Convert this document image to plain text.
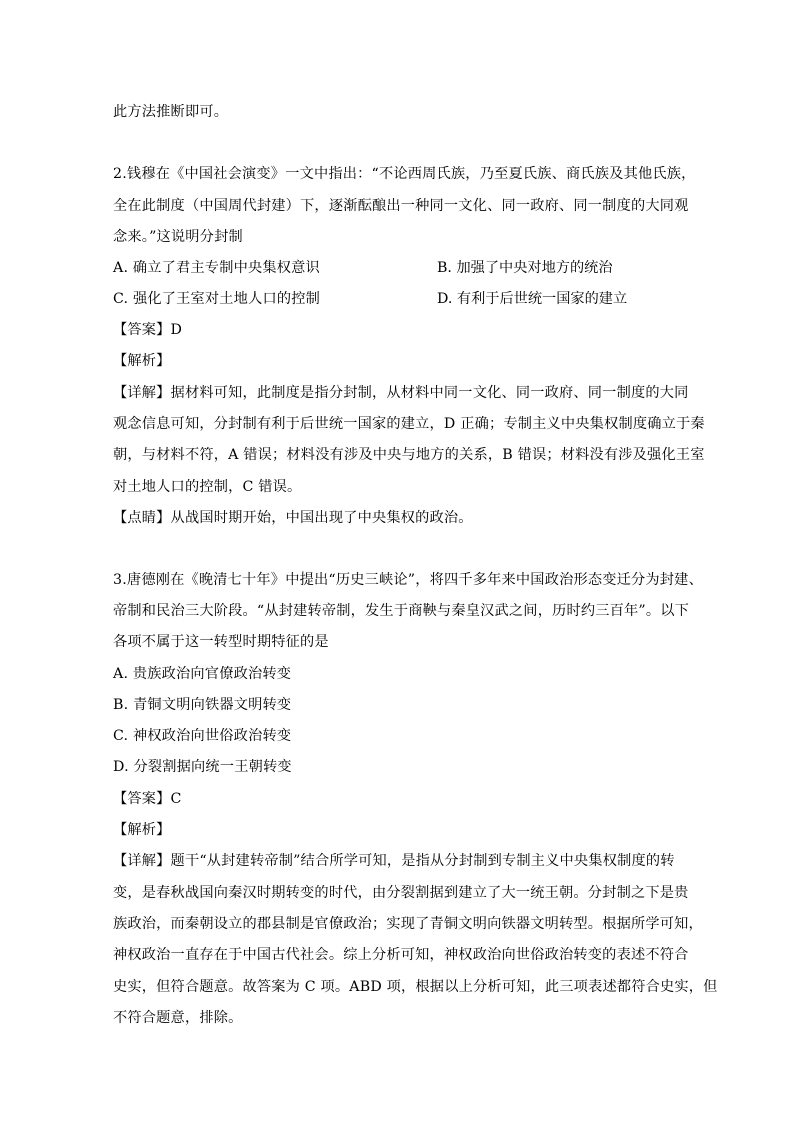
此方法推断即可。
2.钱穆在《中国社会演变》一文中指出：“不论西周氏族，乃至夏氏族、商氏族及其他氏族，
全在此制度（中国周代封建）下，逐渐酝酿出一种同一文化、同一政府、同一制度的大同观
念来。”这说明分封制
A. 确立了君主专制中央集权意识	B. 加强了中央对地方的统治
C. 强化了王室对土地人口的控制	D. 有利于后世统一国家的建立
【答案】D
【解析】
【详解】据材料可知，此制度是指分封制，从材料中同一文化、同一政府、同一制度的大同
观念信息可知，分封制有利于后世统一国家的建立，D 正确；专制主义中央集权制度确立于秦
朝，与材料不符，A 错误；材料没有涉及中央与地方的关系，B 错误；材料没有涉及强化王室
对土地人口的控制，C 错误。
【点睛】从战国时期开始，中国出现了中央集权的政治。
3.唐德刚在《晚清七十年》中提出“历史三峡论”，将四千多年来中国政治形态变迁分为封建、
帝制和民治三大阶段。“从封建转帝制，发生于商鞅与秦皇汉武之间，历时约三百年”。以下
各项不属于这一转型时期特征的是
A. 贵族政治向官僚政治转变
B. 青铜文明向铁器文明转变
C. 神权政治向世俗政治转变
D. 分裂割据向统一王朝转变
【答案】C
【解析】
【详解】题干“从封建转帝制”结合所学可知，是指从分封制到专制主义中央集权制度的转
变，是春秋战国向秦汉时期转变的时代，由分裂割据到建立了大一统王朝。分封制之下是贵
族政治，而秦朝设立的郡县制是官僚政治；实现了青铜文明向铁器文明转型。根据所学可知，
神权政治一直存在于中国古代社会。综上分析可知，神权政治向世俗政治转变的表述不符合
史实，但符合题意。故答案为 C 项。ABD 项，根据以上分析可知，此三项表述都符合史实，但
不符合题意，排除。
